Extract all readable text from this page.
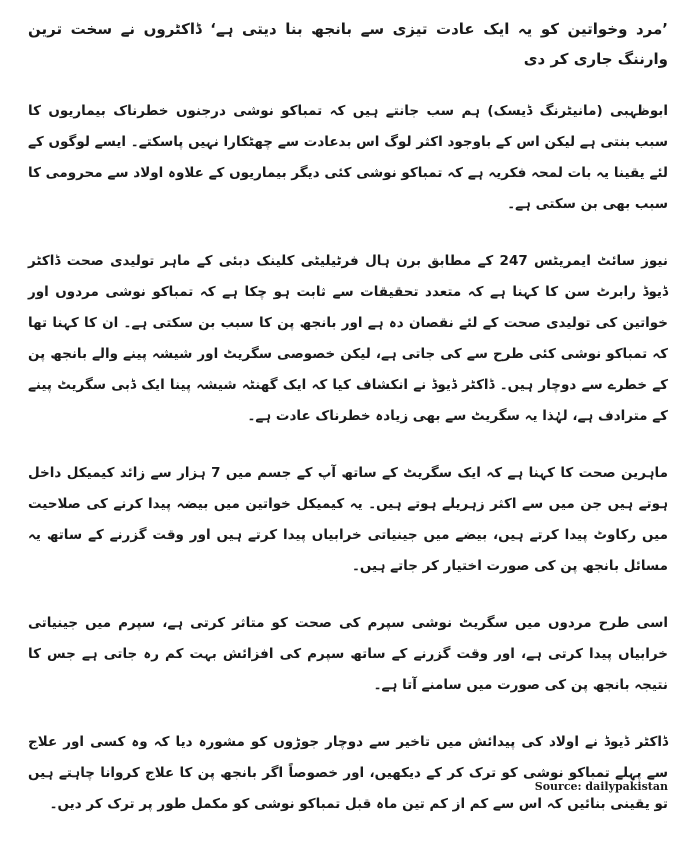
’مرد وخواتین کو یہ ایک عادت تیزی سے بانجھ بنا دیتی ہے‘ ڈاکٹروں نے سخت ترین وارننگ جاری کر دی

ابوظہبی (مانیٹرنگ ڈیسک) ہم سب جانتے ہیں کہ تمباکو نوشی درجنوں خطرناک بیماریوں کا سبب بنتی ہے لیکن اس کے باوجود اکثر لوگ اس بدعادت سے چھٹکارا نہیں پاسکتے۔ ایسے لوگوں کے لئے یقینا یہ بات لمحہ فکریہ ہے کہ تمباکو نوشی کئی دیگر بیماریوں کے علاوہ اولاد سے محرومی کا سبب بھی بن سکتی ہے۔

نیوز سائٹ ایمریٹس 247 کے مطابق برن ہال فرٹیلیٹی کلینک دبئی کے ماہر تولیدی صحت ڈاکٹر ڈیوڈ رابرٹ سن کا کہنا ہے کہ متعدد تحقیقات سے ثابت ہو چکا ہے کہ تمباکو نوشی مردوں اور خواتین کی تولیدی صحت کے لئے نقصان دہ ہے اور بانجھ پن کا سبب بن سکتی ہے۔ ان کا کہنا تھا کہ تمباکو نوشی کئی طرح سے کی جاتی ہے، لیکن خصوصی سگریٹ اور شیشہ پینے والے بانجھ پن کے خطرے سے دوچار ہیں۔ ڈاکٹر ڈیوڈ نے انکشاف کیا کہ ایک گھنٹہ شیشہ پینا ایک ڈبی سگریٹ پینے کے مترادف ہے، لہٰذا یہ سگریٹ سے بھی زیادہ خطرناک عادت ہے۔

ماہرین صحت کا کہنا ہے کہ ایک سگریٹ کے ساتھ آپ کے جسم میں 7 ہزار سے زائد کیمیکل داخل ہوتے ہیں جن میں سے اکثر زہریلے ہوتے ہیں۔ یہ کیمیکل خواتین میں بیضہ پیدا کرنے کی صلاحیت میں رکاوٹ پیدا کرتے ہیں، بیضے میں جینیاتی خرابیاں پیدا کرتے ہیں اور وقت گزرنے کے ساتھ یہ مسائل بانجھ پن کی صورت اختیار کر جاتے ہیں۔

اسی طرح مردوں میں سگریٹ نوشی سپرم کی صحت کو متاثر کرتی ہے، سپرم میں جینیاتی خرابیاں پیدا کرتی ہے، اور وقت گزرنے کے ساتھ سپرم کی افزائش بہت کم رہ جاتی ہے جس کا نتیجہ بانجھ پن کی صورت میں سامنے آتا ہے۔

ڈاکٹر ڈیوڈ نے اولاد کی پیدائش میں تاخیر سے دوچار جوڑوں کو مشورہ دیا کہ وہ کسی اور علاج سے پہلے تمباکو نوشی کو ترک کر کے دیکھیں، اور خصوصاً اگر بانجھ پن کا علاج کروانا چاہتے ہیں تو یقینی بنائیں کہ اس سے کم از کم تین ماہ قبل تمباکو نوشی کو مکمل طور پر ترک کر دیں۔

Source: dailypakistan
